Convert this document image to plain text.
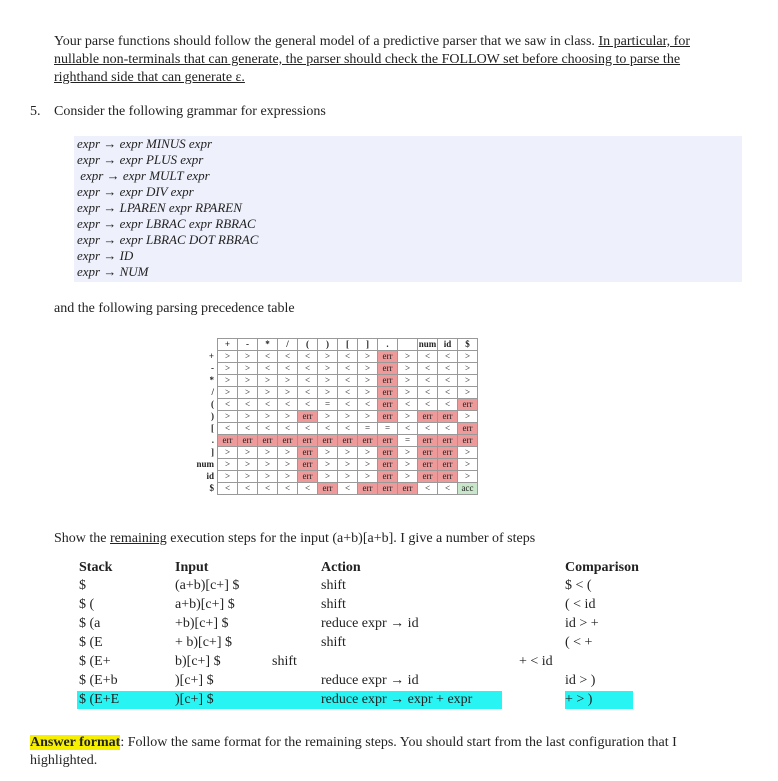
Your parse functions should follow the general model of a predictive parser that we saw in class. In particular, for
nullable non-terminals that can generate, the parser should check the FOLLOW set before choosing to parse the
righthand side that can generate ε.
5. Consider the following grammar for expressions
expr → expr MINUS expr
expr → expr PLUS expr
expr → expr MULT expr
expr → expr DIV expr
expr → LPAREN expr RPAREN
expr → expr LBRAC expr RBRAC
expr → expr LBRAC DOT RBRAC
expr → ID
expr → NUM
and the following parsing precedence table
	+	-	*	/	(	)	[	]	.		num	id	$
+	>	>	<	<	<	>	<	>	err	>	<	<	>
-	>	>	<	<	<	>	<	>	err	>	<	<	>
*	>	>	>	>	<	>	<	>	err	>	<	<	>
/	>	>	>	>	<	>	<	>	err	>	<	<	>
(	<	<	<	<	<	=	<	<	err	<	<	<	err
)	>	>	>	>	err	>	>	>	err	>	err	err	>
[	<	<	<	<	<	<	<	=	=	<	<	<	err
.	err	err	err	err	err	err	err	err	err	=	err	err	err
]	>	>	>	>	err	>	>	>	err	>	err	err	>
num	>	>	>	>	err	>	>	>	err	>	err	err	>
id	>	>	>	>	err	>	>	>	err	>	err	err	>
$	<	<	<	<	<	err	<	err	err	err	<	<	acc
Show the remaining execution steps for the input (a+b)[a+b]. I give a number of steps
Stack	Input	Action	Comparison
$	(a+b)[c+] $	shift	$ < (
$ (	a+b)[c+] $	shift	( < id
$ (a	+b)[c+] $	reduce expr → id	id > +
$ (E	+ b)[c+] $	shift	( < +
$ (E+	b)[c+] $	shift	+ < id
$ (E+b	)[c+] $	reduce expr → id	id > )
$ (E+E	)[c+] $	reduce expr → expr + expr	+ > )
Answer format: Follow the same format for the remaining steps. You should start from the last configuration that I
highlighted.
